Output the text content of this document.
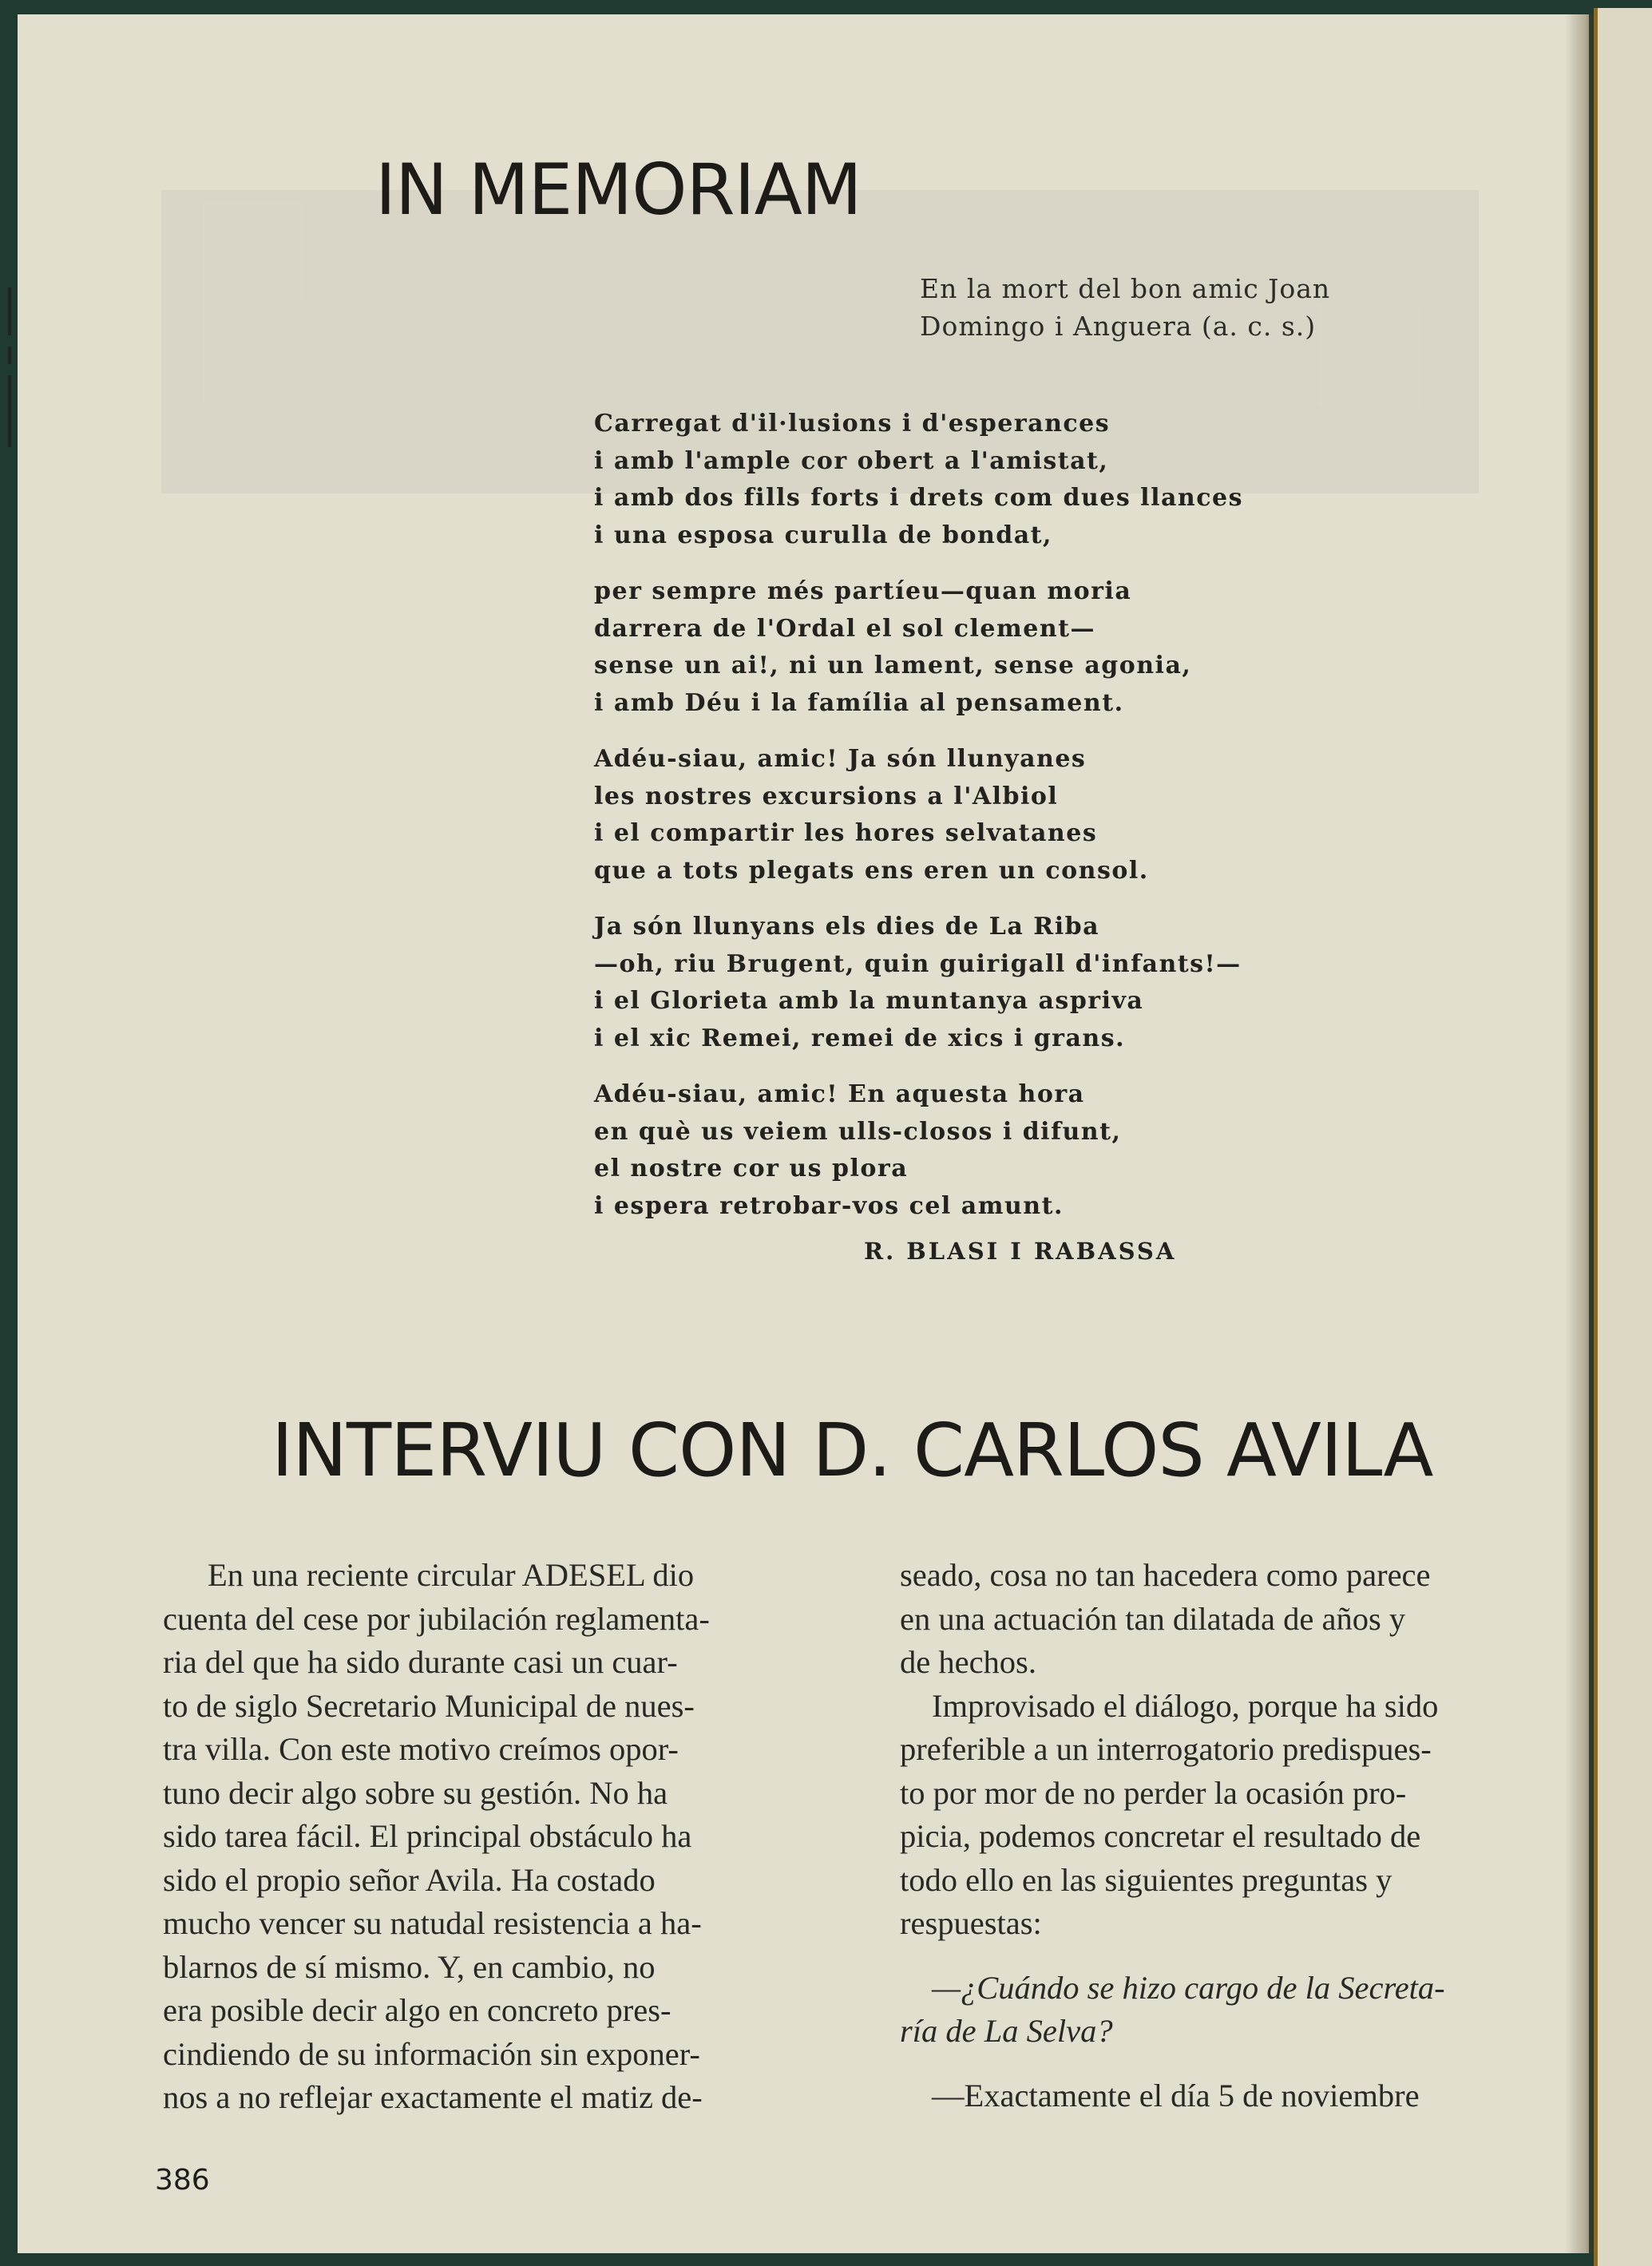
IN MEMORIAM
En la mort del bon amic Joan
Domingo i Anguera (a. c. s.)
Carregat d'il·lusions i d'esperances
i amb l'ample cor obert a l'amistat,
i amb dos fills forts i drets com dues llances
i una esposa curulla de bondat,
per sempre més partíeu—quan moria
darrera de l'Ordal el sol clement—
sense un ai!, ni un lament, sense agonia,
i amb Déu i la família al pensament.
Adéu-siau, amic! Ja són llunyanes
les nostres excursions a l'Albiol
i el compartir les hores selvatanes
que a tots plegats ens eren un consol.
Ja són llunyans els dies de La Riba
—oh, riu Brugent, quin guirigall d'infants!—
i el Glorieta amb la muntanya aspriva
i el xic Remei, remei de xics i grans.
Adéu-siau, amic! En aquesta hora
en què us veiem ulls-closos i difunt,
el nostre cor us plora
i espera retrobar-vos cel amunt.
R. BLASI I RABASSA
INTERVIU CON D. CARLOS AVILA
En una reciente circular ADESEL dio
cuenta del cese por jubilación reglamenta-
ria del que ha sido durante casi un cuar-
to de siglo Secretario Municipal de nues-
tra villa. Con este motivo creímos opor-
tuno decir algo sobre su gestión. No ha
sido tarea fácil. El principal obstáculo ha
sido el propio señor Avila. Ha costado
mucho vencer su natudal resistencia a ha-
blarnos de sí mismo. Y, en cambio, no
era posible decir algo en concreto pres-
cindiendo de su información sin exponer-
nos a no reflejar exactamente el matiz de-
seado, cosa no tan hacedera como parece
en una actuación tan dilatada de años y
de hechos.
Improvisado el diálogo, porque ha sido
preferible a un interrogatorio predispues-
to por mor de no perder la ocasión pro-
picia, podemos concretar el resultado de
todo ello en las siguientes preguntas y
respuestas:
—¿Cuándo se hizo cargo de la Secreta-
ría de La Selva?
—Exactamente el día 5 de noviembre
386
